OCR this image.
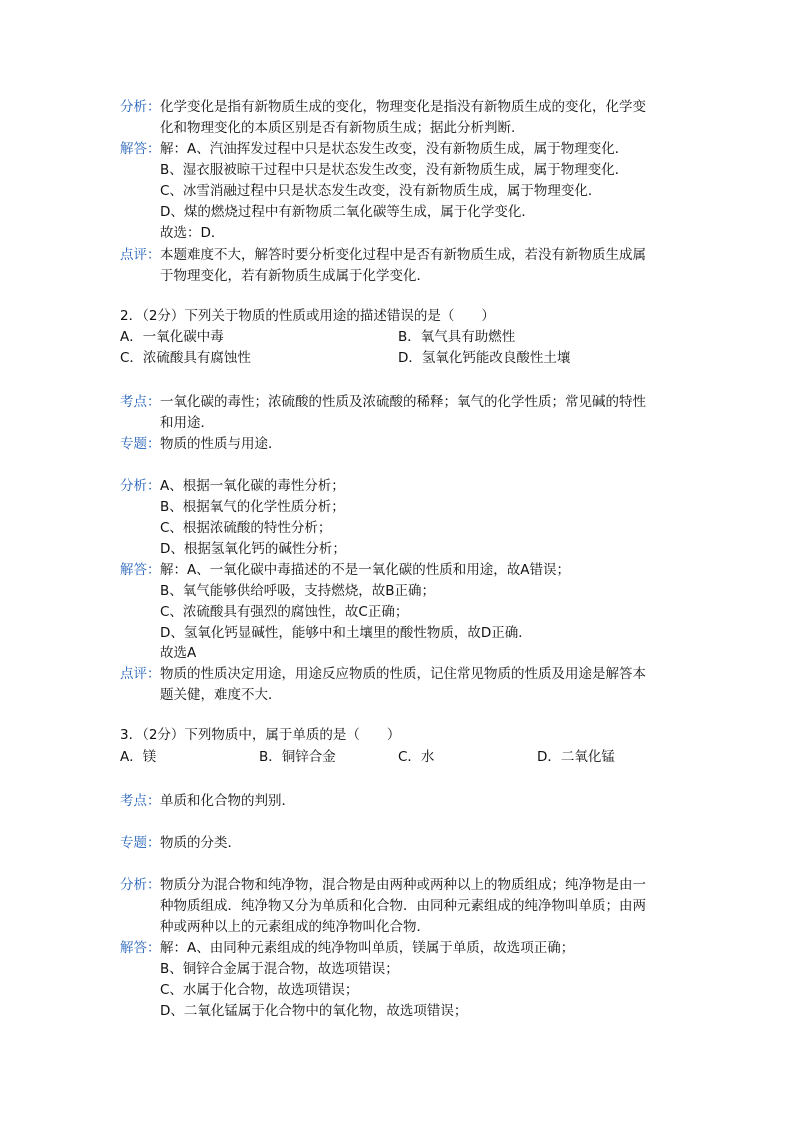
分析： 化学变化是指有新物质生成的变化，物理变化是指没有新物质生成的变化，化学变
化和物理变化的本质区别是否有新物质生成；据此分析判断.
解答： 解：A、汽油挥发过程中只是状态发生改变，没有新物质生成，属于物理变化．
B、湿衣服被晾干过程中只是状态发生改变，没有新物质生成，属于物理变化．
C、冰雪消融过程中只是状态发生改变，没有新物质生成，属于物理变化．
D、煤的燃烧过程中有新物质二氧化碳等生成，属于化学变化．
故选：D．
点评： 本题难度不大，解答时要分析变化过程中是否有新物质生成，若没有新物质生成属
于物理变化，若有新物质生成属于化学变化．
2．（2分）下列关于物质的性质或用途的描述错误的是（　　）
A．一氧化碳中毒	B．氧气具有助燃性
C．浓硫酸具有腐蚀性	D．氢氧化钙能改良酸性土壤
考点： 一氧化碳的毒性；浓硫酸的性质及浓硫酸的稀释；氧气的化学性质；常见碱的特性
和用途．
专题： 物质的性质与用途．
分析： A、根据一氧化碳的毒性分析；
B、根据氧气的化学性质分析；
C、根据浓硫酸的特性分析；
D、根据氢氧化钙的碱性分析；
解答： 解：A、一氧化碳中毒描述的不是一氧化碳的性质和用途，故A错误；
B、氧气能够供给呼吸，支持燃烧，故B正确；
C、浓硫酸具有强烈的腐蚀性，故C正确；
D、氢氧化钙显碱性，能够中和土壤里的酸性物质，故D正确．
故选A
点评： 物质的性质决定用途，用途反应物质的性质，记住常见物质的性质及用途是解答本
题关健，难度不大．
3．（2分）下列物质中，属于单质的是（　　）
A．镁	B．铜锌合金	C．水	D．二氧化锰
考点： 单质和化合物的判别．
专题： 物质的分类．
分析： 物质分为混合物和纯净物，混合物是由两种或两种以上的物质组成；纯净物是由一
种物质组成．纯净物又分为单质和化合物．由同种元素组成的纯净物叫单质；由两
种或两种以上的元素组成的纯净物叫化合物．
解答： 解：A、由同种元素组成的纯净物叫单质，镁属于单质，故选项正确；
B、铜锌合金属于混合物，故选项错误；
C、水属于化合物，故选项错误；
D、二氧化锰属于化合物中的氧化物，故选项错误；
